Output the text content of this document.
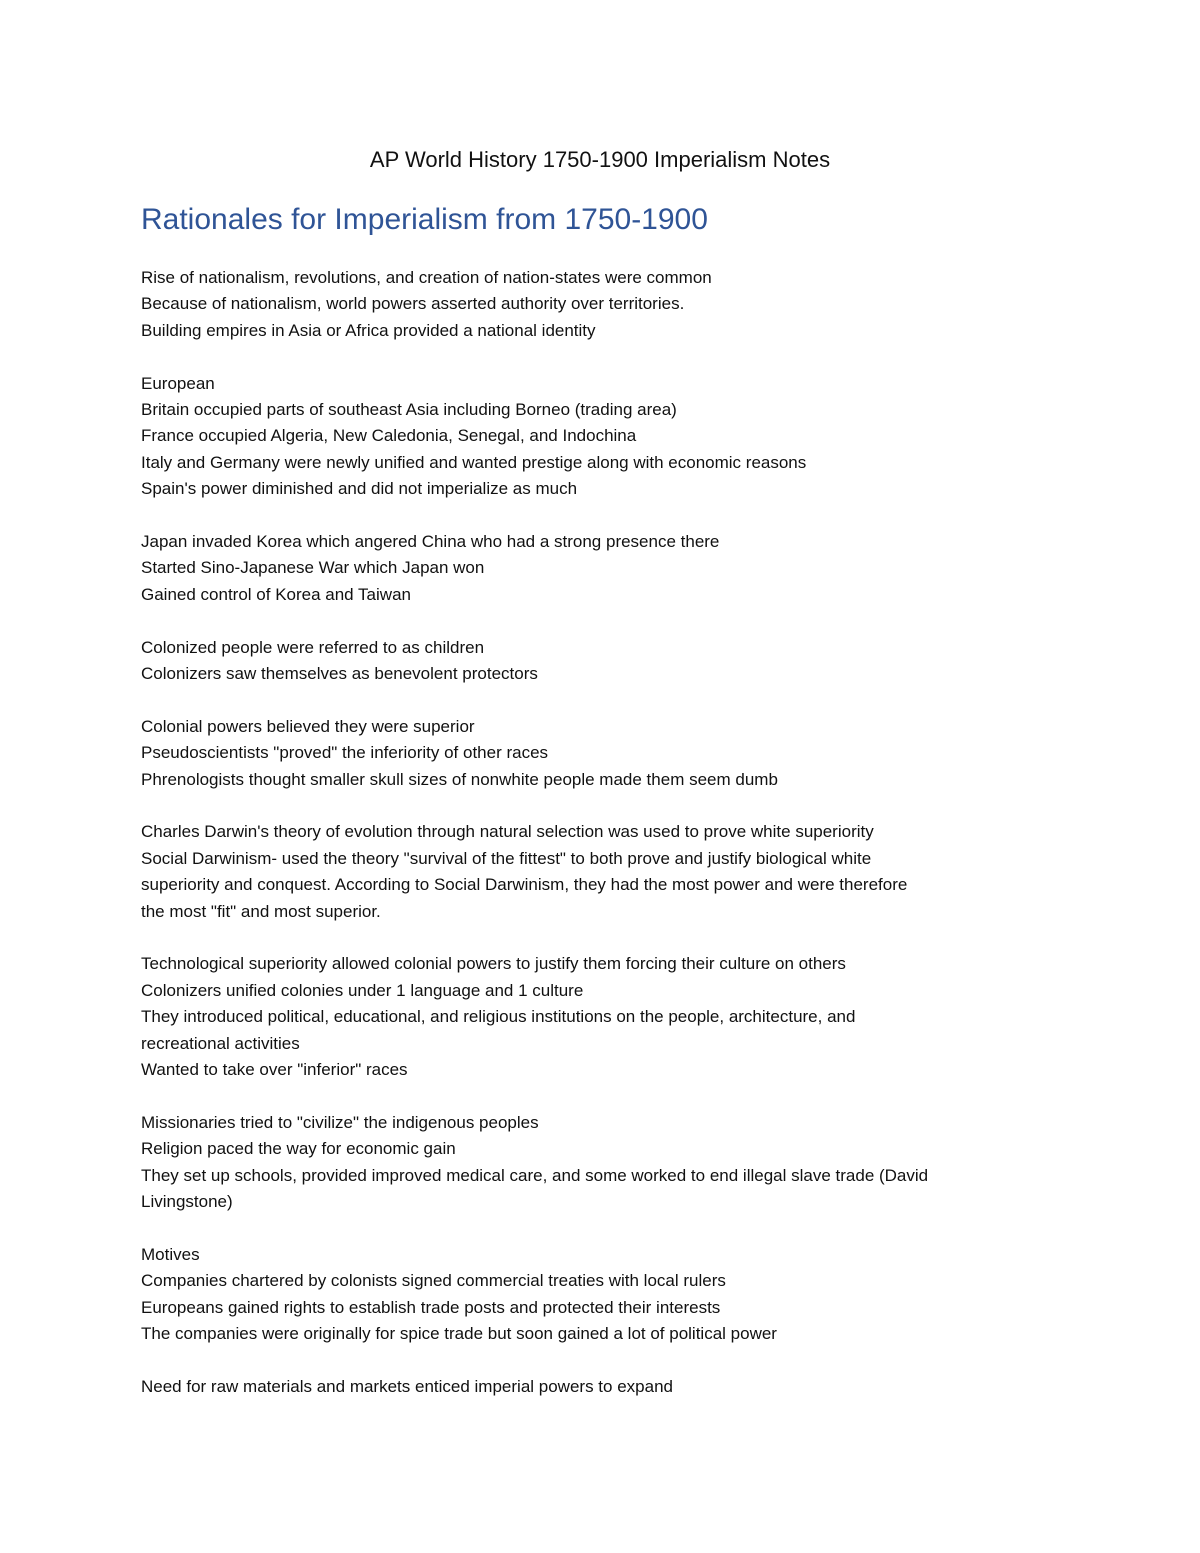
AP World History 1750-1900 Imperialism Notes
Rationales for Imperialism from 1750-1900
Rise of nationalism, revolutions, and creation of nation-states were common
Because of nationalism, world powers asserted authority over territories.
Building empires in Asia or Africa provided a national identity
European
Britain occupied parts of southeast Asia including Borneo (trading area)
France occupied Algeria, New Caledonia, Senegal, and Indochina
Italy and Germany were newly unified and wanted prestige along with economic reasons
Spain's power diminished and did not imperialize as much
Japan invaded Korea which angered China who had a strong presence there
Started Sino-Japanese War which Japan won
Gained control of Korea and Taiwan
Colonized people were referred to as children
Colonizers saw themselves as benevolent protectors
Colonial powers believed they were superior
Pseudoscientists "proved" the inferiority of other races
Phrenologists thought smaller skull sizes of nonwhite people made them seem dumb
Charles Darwin's theory of evolution through natural selection was used to prove white superiority
Social Darwinism- used the theory "survival of the fittest" to both prove and justify biological white
superiority and conquest. According to Social Darwinism, they had the most power and were therefore
the most "fit" and most superior.
Technological superiority allowed colonial powers to justify them forcing their culture on others
Colonizers unified colonies under 1 language and 1 culture
They introduced political, educational, and religious institutions on the people, architecture, and
recreational activities
Wanted to take over "inferior" races
Missionaries tried to "civilize" the indigenous peoples
Religion paced the way for economic gain
They set up schools, provided improved medical care, and some worked to end illegal slave trade (David
Livingstone)
Motives
Companies chartered by colonists signed commercial treaties with local rulers
Europeans gained rights to establish trade posts and protected their interests
The companies were originally for spice trade but soon gained a lot of political power
Need for raw materials and markets enticed imperial powers to expand
